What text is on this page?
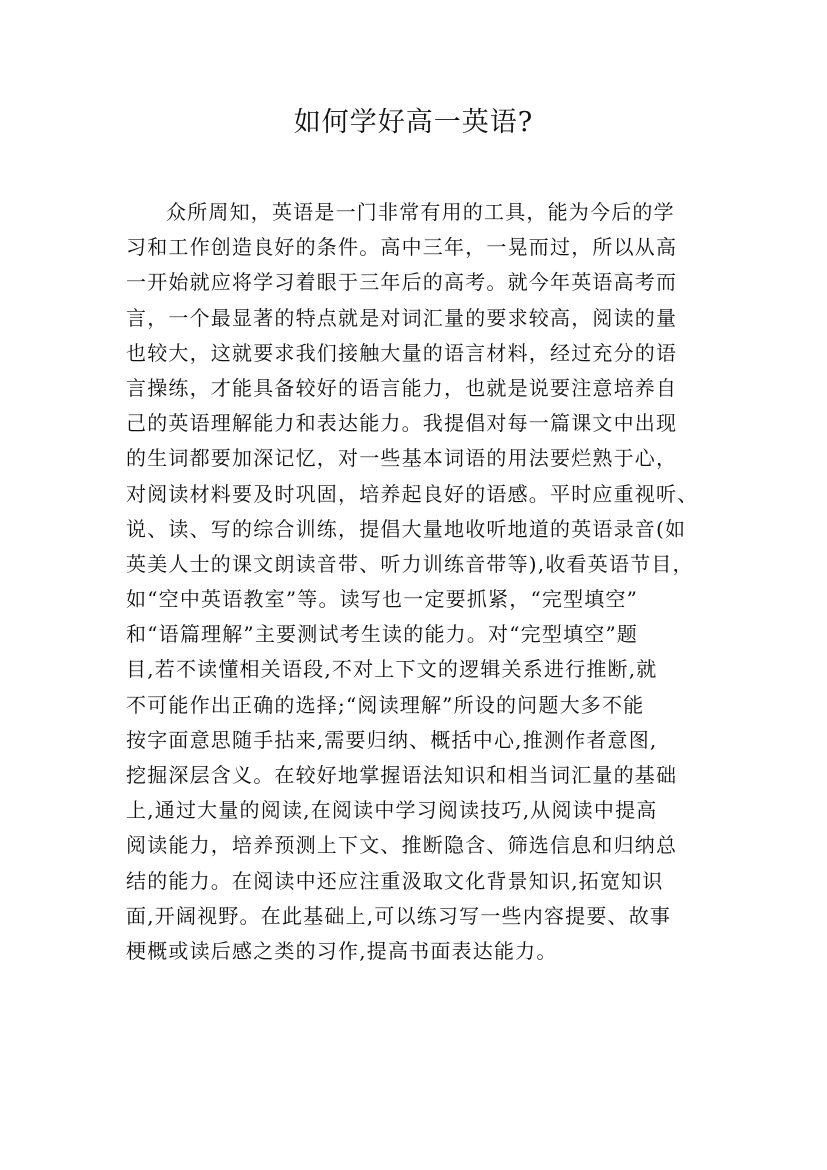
如何学好高一英语?
众所周知，英语是一门非常有用的工具，能为今后的学
习和工作创造良好的条件。高中三年，一晃而过，所以从高
一开始就应将学习着眼于三年后的高考。就今年英语高考而
言，一个最显著的特点就是对词汇量的要求较高，阅读的量
也较大，这就要求我们接触大量的语言材料，经过充分的语
言操练，才能具备较好的语言能力，也就是说要注意培养自
己的英语理解能力和表达能力。我提倡对每一篇课文中出现
的生词都要加深记忆，对一些基本词语的用法要烂熟于心，
对阅读材料要及时巩固，培养起良好的语感。平时应重视听、
说、读、写的综合训练，提倡大量地收听地道的英语录音(如
英美人士的课文朗读音带、听力训练音带等),收看英语节目，
如“空中英语教室”等。读写也一定要抓紧，“完型填空”
和“语篇理解”主要测试考生读的能力。对“完型填空”题
目,若不读懂相关语段,不对上下文的逻辑关系进行推断,就
不可能作出正确的选择;“阅读理解”所设的问题大多不能
按字面意思随手拈来,需要归纳、概括中心,推测作者意图,
挖掘深层含义。在较好地掌握语法知识和相当词汇量的基础
上,通过大量的阅读,在阅读中学习阅读技巧,从阅读中提高
阅读能力，培养预测上下文、推断隐含、筛选信息和归纳总
结的能力。在阅读中还应注重汲取文化背景知识,拓宽知识
面,开阔视野。在此基础上,可以练习写一些内容提要、故事
梗概或读后感之类的习作,提高书面表达能力。
